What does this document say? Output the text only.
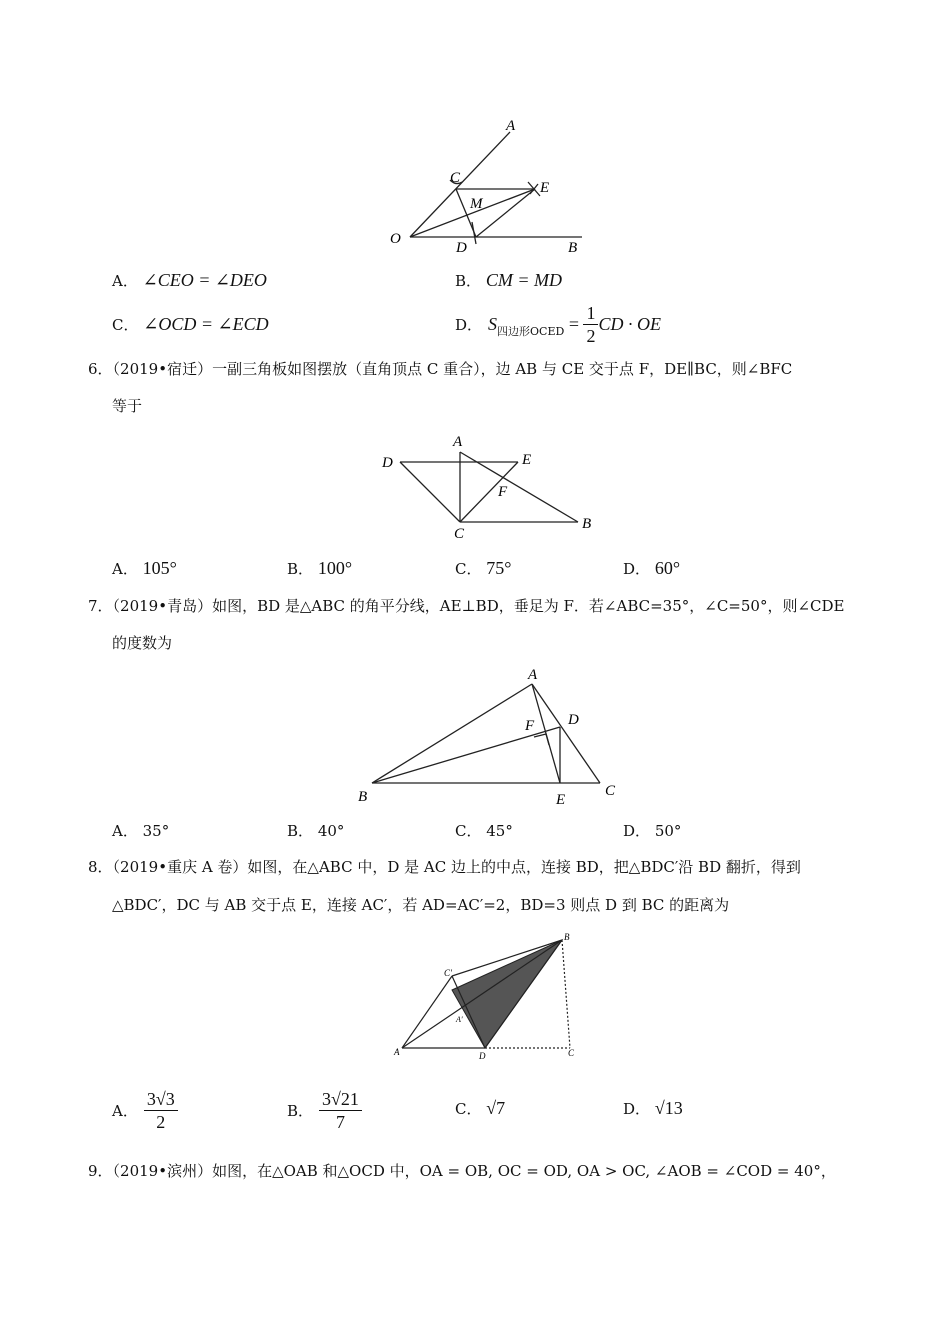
A
C
E
M
O
D	B
A． ∠CEO = ∠DEO	B． CM = MD
C． ∠OCD = ∠ECD	D． S 四边形OCED = $\frac{1}{2}$ CD · OE
6．（2019•宿迁）一副三角板如图摆放（直角顶点 C 重合），边 AB 与 CE 交于点 F，DE∥BC，则∠BFC
等于
A
D	E
F
C
B
A． 105°	B． 100°	C． 75°	D． 60°
7．（2019•青岛）如图，BD 是△ABC 的角平分线，AE⊥BD，垂足为 F．若∠ABC=35°，∠C=50°，则∠CDE
的度数为
A
F D
B	E
C
A． 35°	B． 40°	C． 45°	D． 50°
8．（2019•重庆 A 卷）如图，在△ABC 中，D 是 AC 边上的中点，连接 BD，把△BDC′沿 BD 翻折，得到
△BDC′，DC 与 AB 交于点 E，连接 AC′，若 AD=AC′=2，BD=3 则点 D 到 BC 的距离为
B
C′
A′
A	D	C
A． $\frac{3√3}{2}$	B． $\frac{3√21}{7}$	C． √7	D． √13
9．（2019•滨州）如图，在△OAB 和△OCD 中，OA = OB, OC = OD, OA > OC, ∠AOB = ∠COD = 40°，
